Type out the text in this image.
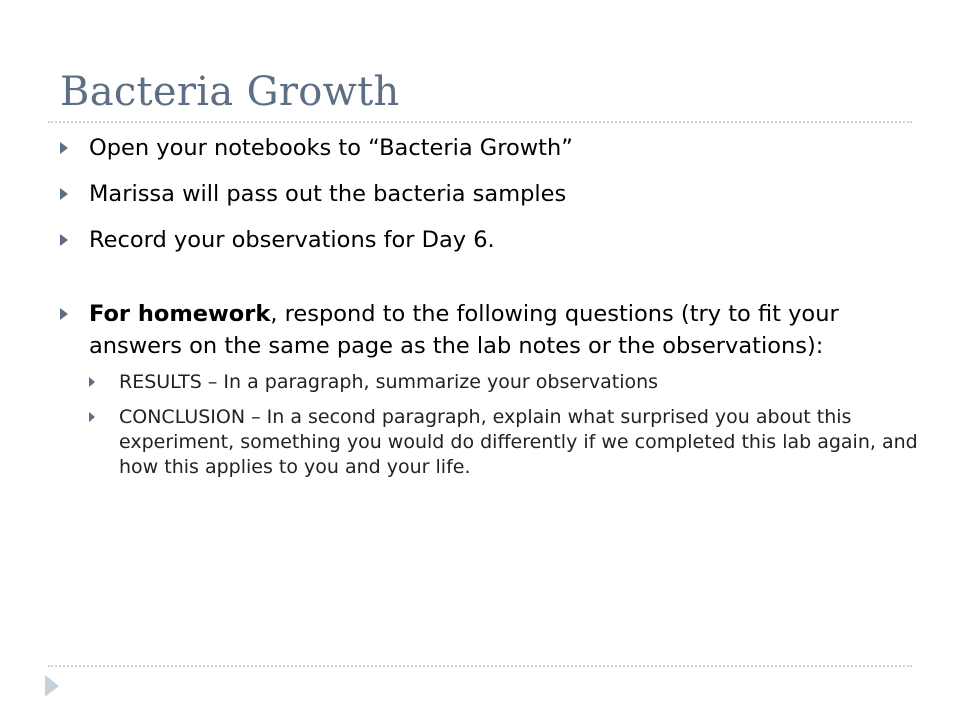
Bacteria Growth
Open your notebooks to “Bacteria Growth”
Marissa will pass out the bacteria samples
Record your observations for Day 6.
For homework, respond to the following questions (try to fit your answers on the same page as the lab notes or the observations):
RESULTS – In a paragraph, summarize your observations
CONCLUSION – In a second paragraph, explain what surprised you about this experiment, something you would do differently if we completed this lab again, and how this applies to you and your life.
